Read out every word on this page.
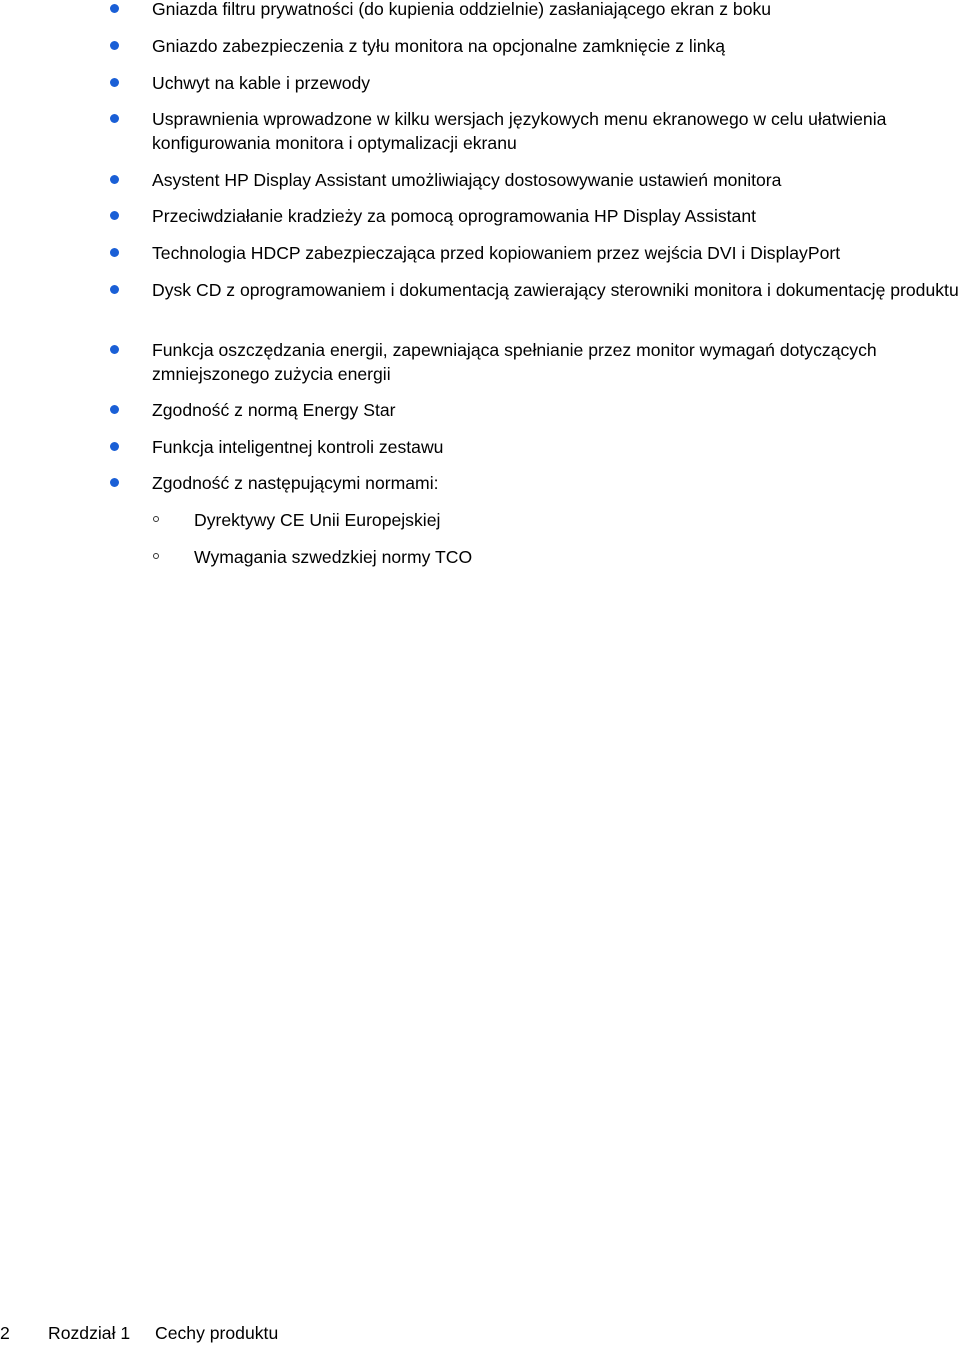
Gniazda filtru prywatności (do kupienia oddzielnie) zasłaniającego ekran z boku
Gniazdo zabezpieczenia z tyłu monitora na opcjonalne zamknięcie z linką
Uchwyt na kable i przewody
Usprawnienia wprowadzone w kilku wersjach językowych menu ekranowego w celu ułatwienia konfigurowania monitora i optymalizacji ekranu
Asystent HP Display Assistant umożliwiający dostosowywanie ustawień monitora
Przeciwdziałanie kradzieży za pomocą oprogramowania HP Display Assistant
Technologia HDCP zabezpieczająca przed kopiowaniem przez wejścia DVI i DisplayPort
Dysk CD z oprogramowaniem i dokumentacją zawierający sterowniki monitora i dokumentację produktu
Funkcja oszczędzania energii, zapewniająca spełnianie przez monitor wymagań dotyczących zmniejszonego zużycia energii
Zgodność z normą Energy Star
Funkcja inteligentnej kontroli zestawu
Zgodność z następującymi normami:
Dyrektywy CE Unii Europejskiej
Wymagania szwedzkiej normy TCO
2 Rozdział 1 Cechy produktu
